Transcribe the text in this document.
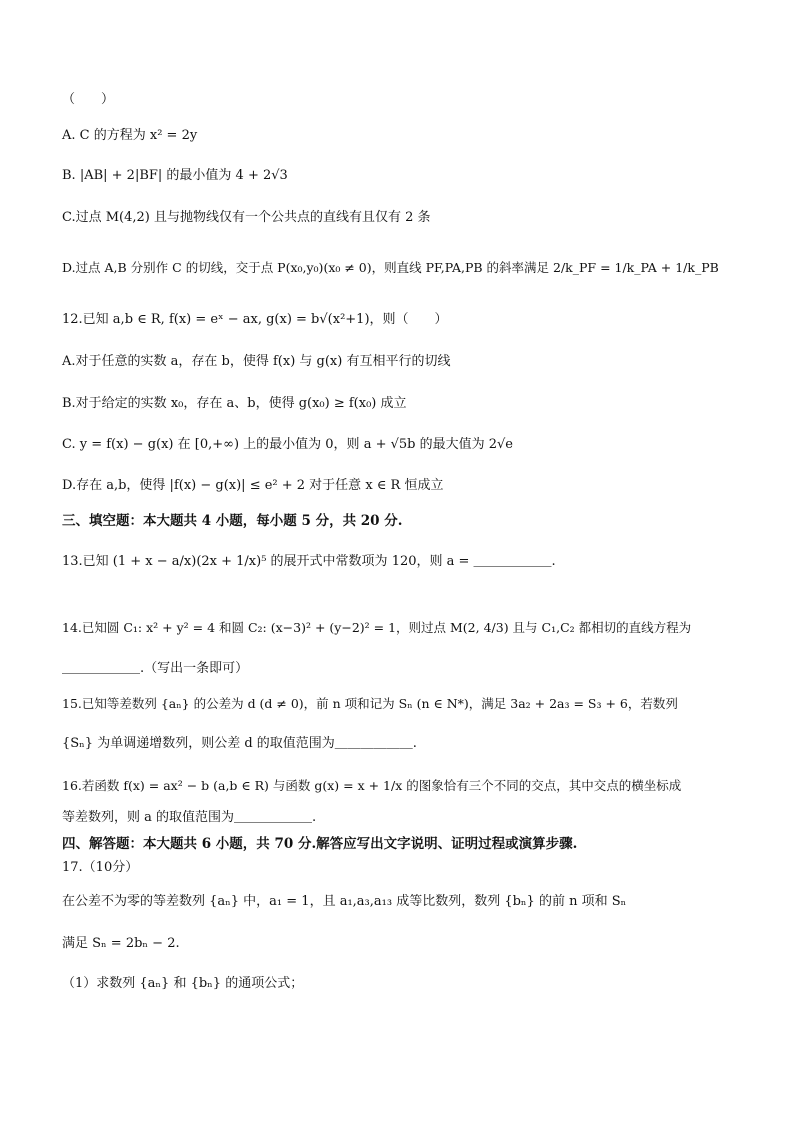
（　　）
A. C 的方程为 x² = 2y
B. |AB| + 2|BF| 的最小值为 4 + 2√3
C.过点 M(4,2) 且与抛物线仅有一个公共点的直线有且仅有 2 条
D.过点 A,B 分别作 C 的切线，交于点 P(x₀,y₀)(x₀ ≠ 0)，则直线 PF,PA,PB 的斜率满足 2/k_PF = 1/k_PA + 1/k_PB
12.已知 a,b ∈ R, f(x) = eˣ − ax, g(x) = b√(x²+1)，则（　　）
A.对于任意的实数 a，存在 b，使得 f(x) 与 g(x) 有互相平行的切线
B.对于给定的实数 x₀，存在 a、b，使得 g(x₀) ≥ f(x₀) 成立
C. y = f(x) − g(x) 在 [0,+∞) 上的最小值为 0，则 a + √5b 的最大值为 2√e
D.存在 a,b，使得 |f(x) − g(x)| ≤ e² + 2 对于任意 x ∈ R 恒成立
三、填空题：本大题共 4 小题，每小题 5 分，共 20 分.
13.已知 (1 + x − a/x)(2x + 1/x)⁵ 的展开式中常数项为 120，则 a = ＿＿＿＿＿＿.
14.已知圆 C₁: x² + y² = 4 和圆 C₂: (x−3)² + (y−2)² = 1，则过点 M(2, 4/3) 且与 C₁,C₂ 都相切的直线方程为
＿＿＿＿＿＿.（写出一条即可）
15.已知等差数列 {aₙ} 的公差为 d (d ≠ 0)，前 n 项和记为 Sₙ (n ∈ N*)，满足 3a₂ + 2a₃ = S₃ + 6，若数列
{Sₙ} 为单调递增数列，则公差 d 的取值范围为＿＿＿＿＿＿.
16.若函数 f(x) = ax² − b (a,b ∈ R) 与函数 g(x) = x + 1/x 的图象恰有三个不同的交点，其中交点的横坐标成
等差数列，则 a 的取值范围为＿＿＿＿＿＿.
四、解答题：本大题共 6 小题，共 70 分.解答应写出文字说明、证明过程或演算步骤.
17.（10分）
在公差不为零的等差数列 {aₙ} 中，a₁ = 1，且 a₁,a₃,a₁₃ 成等比数列，数列 {bₙ} 的前 n 项和 Sₙ
满足 Sₙ = 2bₙ − 2.
（1）求数列 {aₙ} 和 {bₙ} 的通项公式；
